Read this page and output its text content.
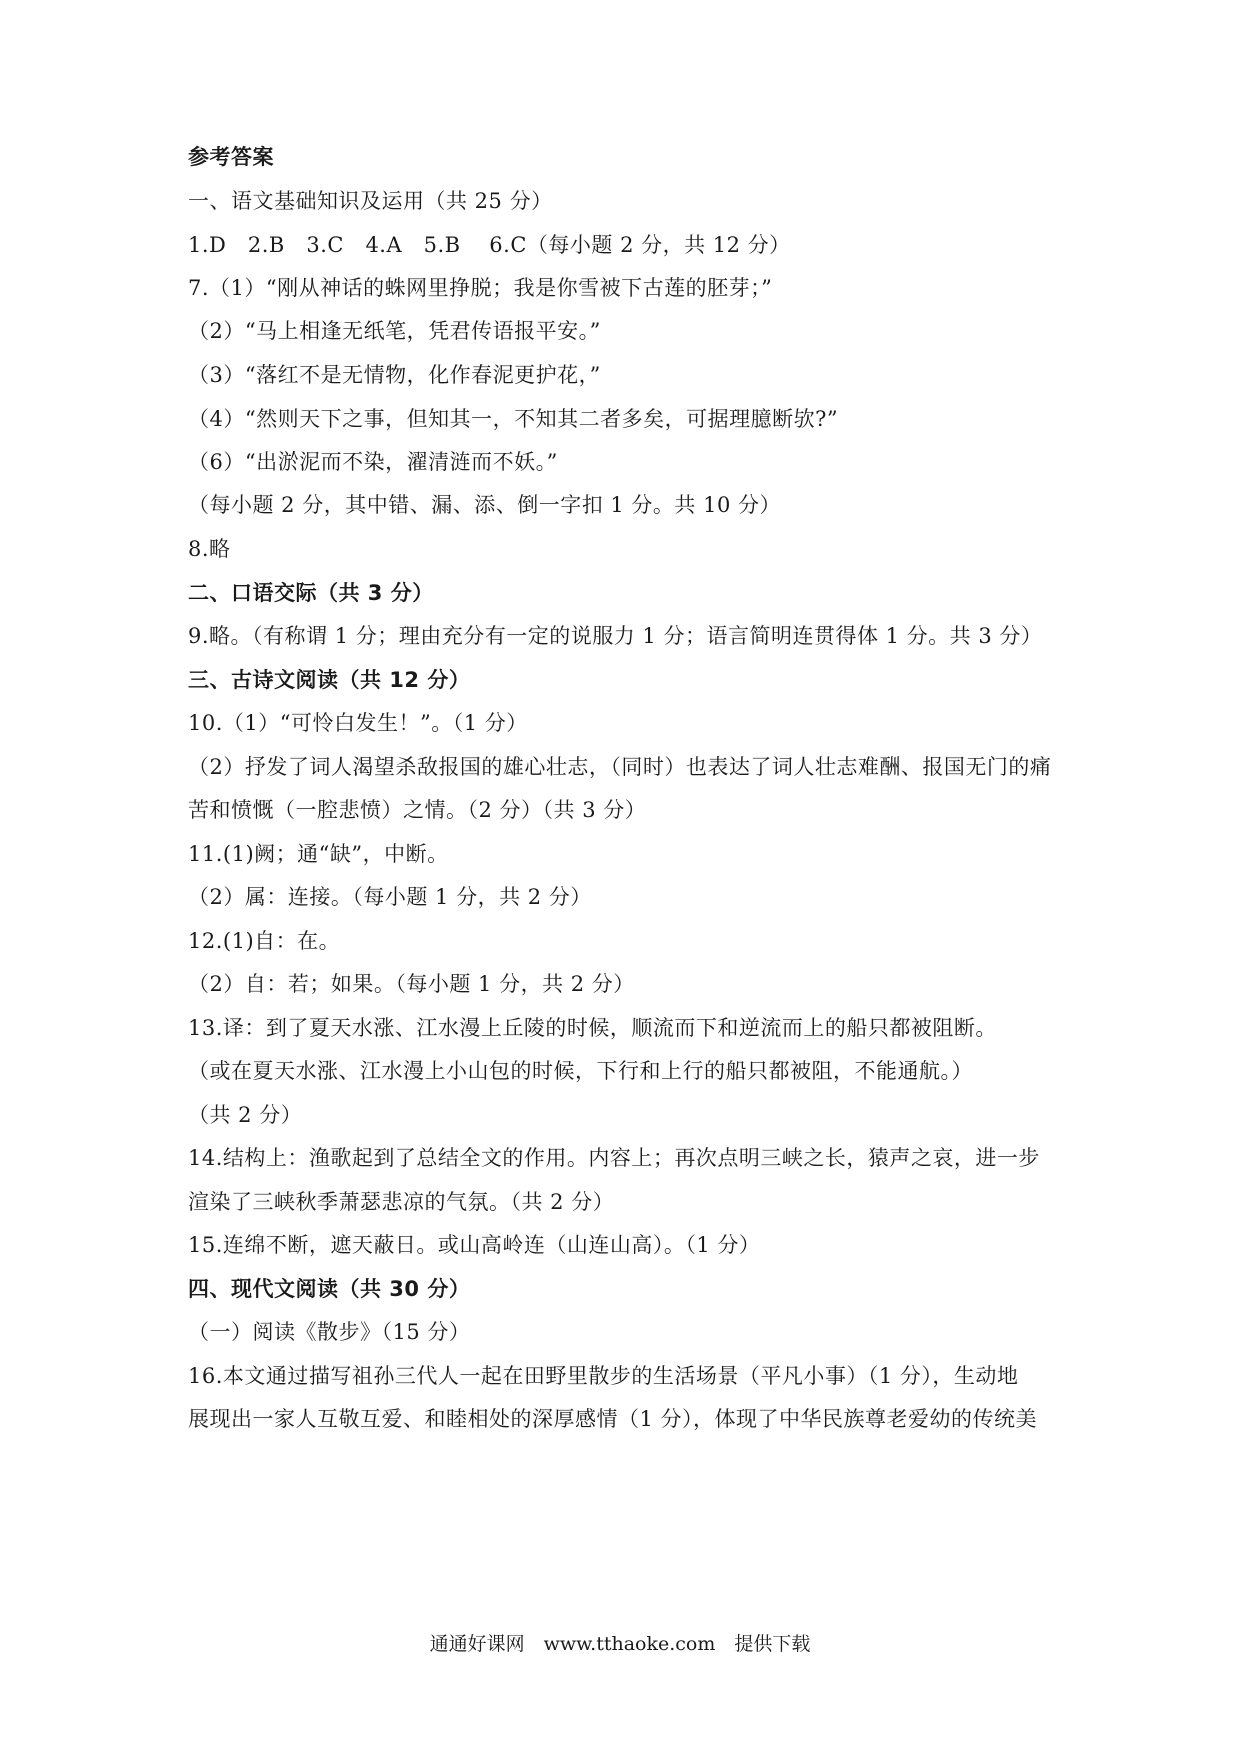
参考答案
一、语文基础知识及运用（共 25 分）
1.D　2.B　3.C　4.A　5.B　 6.C（每小题 2 分，共 12 分）
7.（1）“刚从神话的蛛网里挣脱；我是你雪被下古莲的胚芽；”
（2）“马上相逢无纸笔，凭君传语报平安。”
（3）“落红不是无情物，化作春泥更护花，”
（4）“然则天下之事，但知其一，不知其二者多矣，可据理臆断欤?”
（6）“出淤泥而不染，濯清涟而不妖。”
（每小题 2 分，其中错、漏、添、倒一字扣 1 分。共 10 分）
8.略
二、口语交际（共 3 分）
9.略。（有称谓 1 分；理由充分有一定的说服力 1 分；语言简明连贯得体 1 分。共 3 分）
三、古诗文阅读（共 12 分）
10.（1）“可怜白发生！”。（1 分）
（2）抒发了词人渴望杀敌报国的雄心壮志，（同时）也表达了词人壮志难酬、报国无门的痛
苦和愤慨（一腔悲愤）之情。（2 分）（共 3 分）
11.(1)阙；通“缺”，中断。
（2）属：连接。（每小题 1 分，共 2 分）
12.(1)自：在。
（2）自：若；如果。（每小题 1 分，共 2 分）
13.译：到了夏天水涨、江水漫上丘陵的时候，顺流而下和逆流而上的船只都被阻断。
（或在夏天水涨、江水漫上小山包的时候，下行和上行的船只都被阻，不能通航。）
（共 2 分）
14.结构上：渔歌起到了总结全文的作用。内容上；再次点明三峡之长，猿声之哀，进一步
渲染了三峡秋季萧瑟悲凉的气氛。（共 2 分）
15.连绵不断，遮天蔽日。或山高岭连（山连山高）。（1 分）
四、现代文阅读（共 30 分）
（一）阅读《散步》（15 分）
16.本文通过描写祖孙三代人一起在田野里散步的生活场景（平凡小事）（1 分），生动地
展现出一家人互敬互爱、和睦相处的深厚感情（1 分），体现了中华民族尊老爱幼的传统美
通通好课网　www.tthaoke.com　提供下载
